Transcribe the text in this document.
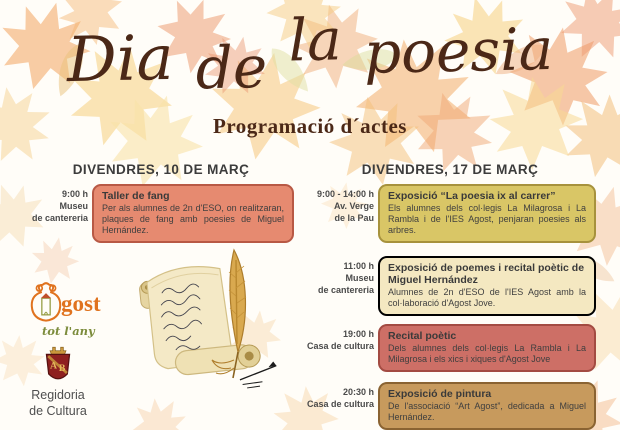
Dia de la poesia
Programació d´actes
DIVENDRES, 10 DE MARÇ
9:00 h
Museu
de cantereria
Taller de fang
Per als alumnes de 2n d'ESO, on realitzaran, plaques de fang amb poesies de Miguel Hernández.
DIVENDRES, 17 DE MARÇ
9:00 - 14:00 h
Av. Verge
de la Pau
Exposició “La poesia ix al carrer”
Els alumnes dels col·legis La Milagrosa i La Rambla i de l'IES Agost, penjaran poesies als arbres.
11:00 h
Museu
de cantereria
Exposició de poemes i recital poètic de Miguel Hernández
Alumnes de 2n d'ESO de l'IES Agost amb la col·laboració d'Agost Jove.
19:00 h
Casa de cultura
Recital poètic
Dels alumnes dels col·legis La Rambla i La Milagrosa i els xics i xiques d'Agost Jove
20:30 h
Casa de cultura
Exposició de pintura
De l'associació “Art Agost”, dedicada a Miguel Hernández.
gost
tot l'any
A B
Regidoria
de Cultura
